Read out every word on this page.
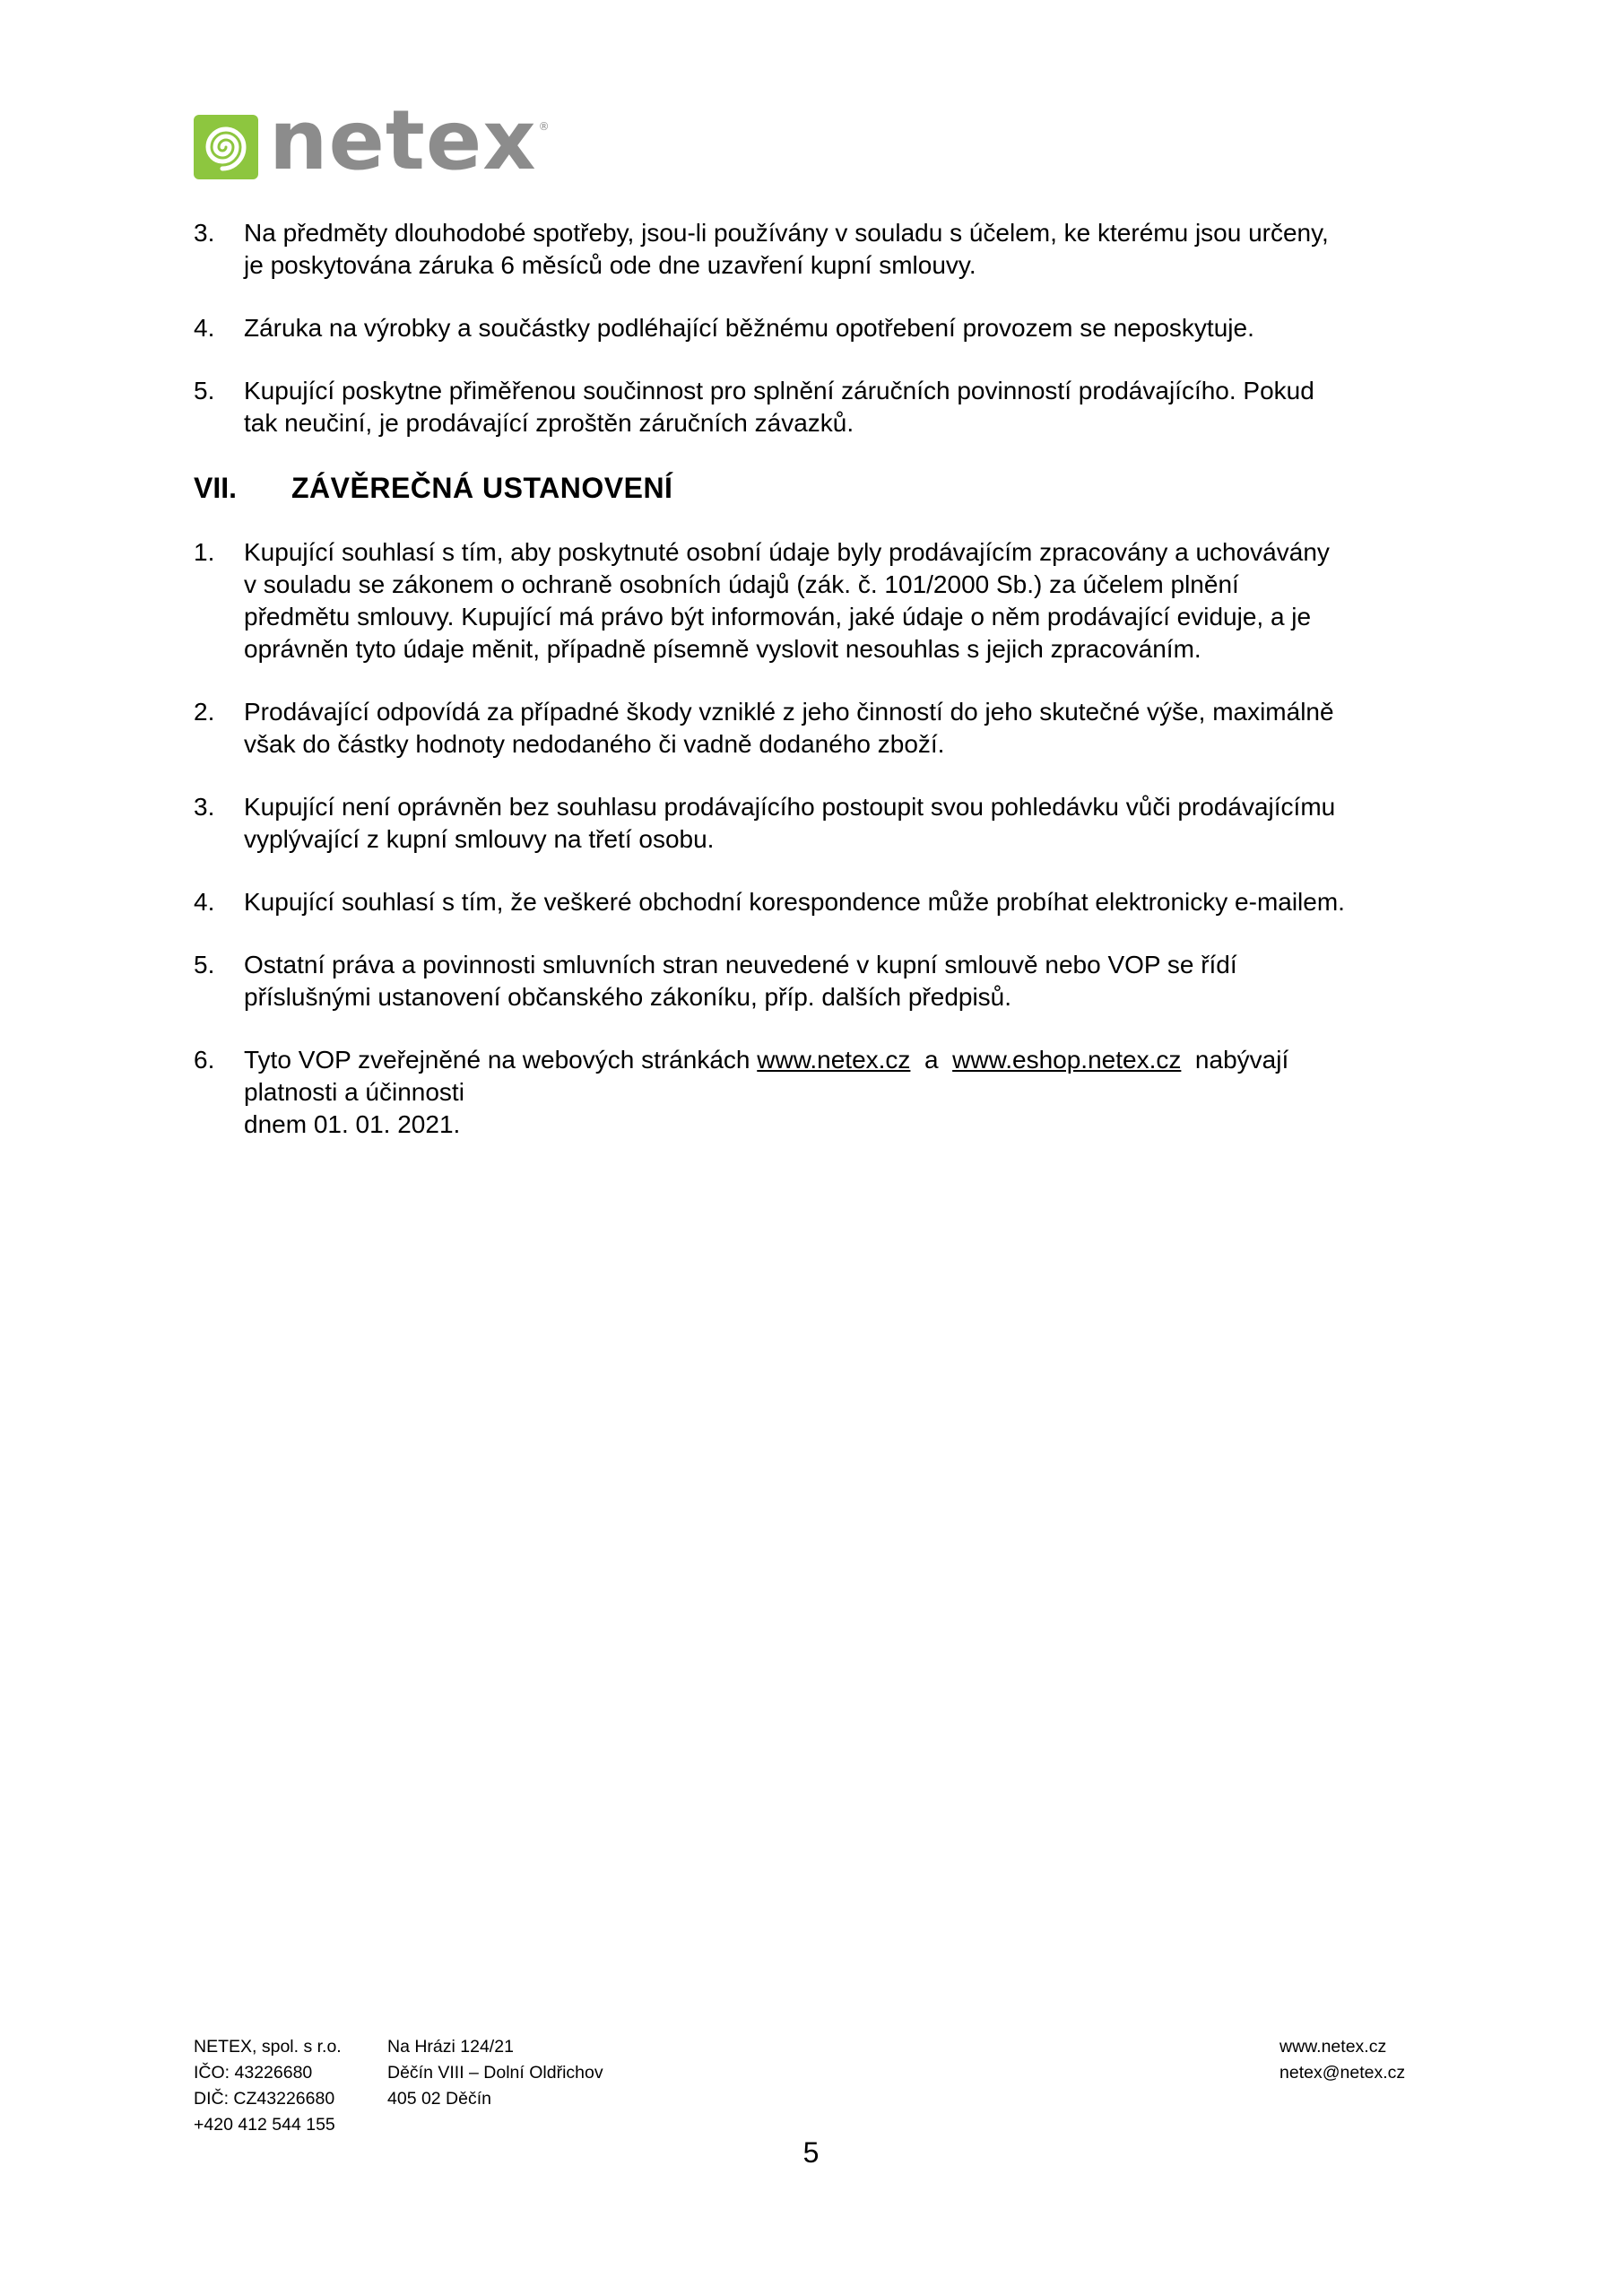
netex ®
3. Na předměty dlouhodobé spotřeby, jsou-li používány v souladu s účelem, ke kterému jsou určeny,
je poskytována záruka 6 měsíců ode dne uzavření kupní smlouvy.
4. Záruka na výrobky a součástky podléhající běžnému opotřebení provozem se neposkytuje.
5. Kupující poskytne přiměřenou součinnost pro splnění záručních povinností prodávajícího. Pokud
tak neučiní, je prodávající zproštěn záručních závazků.
VII.	ZÁVĚREČNÁ USTANOVENÍ
1. Kupující souhlasí s tím, aby poskytnuté osobní údaje byly prodávajícím zpracovány a uchovávány
v souladu se zákonem o ochraně osobních údajů (zák. č. 101/2000 Sb.) za účelem plnění
předmětu smlouvy. Kupující má právo být informován, jaké údaje o něm prodávající eviduje, a je
oprávněn tyto údaje měnit, případně písemně vyslovit nesouhlas s jejich zpracováním.
2. Prodávající odpovídá za případné škody vzniklé z jeho činností do jeho skutečné výše, maximálně
však do částky hodnoty nedodaného či vadně dodaného zboží.
3. Kupující není oprávněn bez souhlasu prodávajícího postoupit svou pohledávku vůči prodávajícímu
vyplývající z kupní smlouvy na třetí osobu.
4. Kupující souhlasí s tím, že veškeré obchodní korespondence může probíhat elektronicky e-mailem.
5. Ostatní práva a povinnosti smluvních stran neuvedené v kupní smlouvě nebo VOP se řídí
příslušnými ustanovení občanského zákoníku, příp. dalších předpisů.
6. Tyto VOP zveřejněné na webových stránkách www.netex.cz  a  www.eshop.netex.cz  nabývají
platnosti a účinnosti
dnem 01. 01. 2021.
NETEX, spol. s r.o.
IČO: 43226680
DIČ: CZ43226680
+420 412 544 155
Na Hrázi 124/21
Děčín VIII – Dolní Oldřichov
405 02 Děčín
www.netex.cz
netex@netex.cz
5
